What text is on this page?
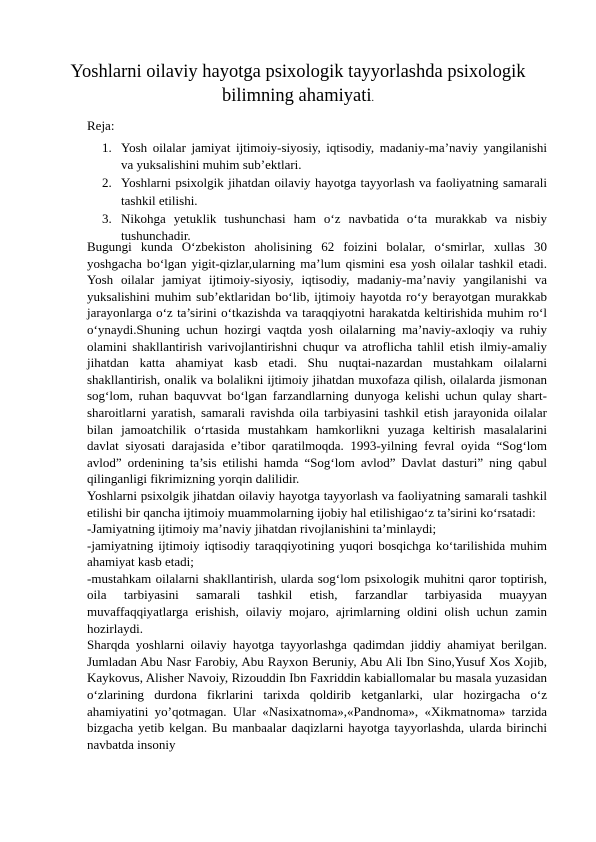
Yoshlarni oilaviy hayotga psixologik tayyorlashda psixologik bilimning ahamiyati.
Reja:
1. Yosh oilalar jamiyat ijtimoiy-siyosiy, iqtisodiy, madaniy-ma’naviy yangilanishi va yuksalishini muhim sub’ektlari.
2. Yoshlarni psixolgik jihatdan oilaviy hayotga tayyorlash va faoliyatning samarali tashkil etilishi.
3. Nikohga yetuklik tushunchasi ham o‘z navbatida o‘ta murakkab va nisbiy tushunchadir.

Bugungi kunda O‘zbekiston aholisining 62 foizini bolalar, o‘smirlar, xullas 30 yoshgacha bo‘lgan yigit-qizlar,ularning ma’lum qismini esa yosh oilalar tashkil etadi. Yosh oilalar jamiyat ijtimoiy-siyosiy, iqtisodiy, madaniy-ma’naviy yangilanishi va yuksalishini muhim sub’ektlaridan bo‘lib, ijtimoiy hayotda ro‘y berayotgan murakkab jarayonlarga o‘z ta’sirini o‘tkazishda va taraqqiyotni harakatda keltirishida muhim ro‘l o‘ynaydi.Shuning uchun hozirgi vaqtda yosh oilalarning ma’naviy-axloqiy va ruhiy olamini shakllantirish varivojlantirishni chuqur va atroflicha tahlil etish ilmiy-amaliy jihatdan katta ahamiyat kasb etadi. Shu nuqtai-nazardan mustahkam oilalarni shakllantirish, onalik va bolalikni ijtimoiy jihatdan muxofaza qilish, oilalarda jismonan sog‘lom, ruhan baquvvat bo‘lgan farzandlarning dunyoga kelishi uchun qulay shart-sharoitlarni yaratish, samarali ravishda oila tarbiyasini tashkil etish jarayonida oilalar bilan jamoatchilik o‘rtasida mustahkam hamkorlikni yuzaga keltirish masalalarini davlat siyosati darajasida e’tibor qaratilmoqda. 1993-yilning fevral oyida “Sog‘lom avlod” ordenining ta’sis etilishi hamda “Sog‘lom avlod” Davlat dasturi” ning qabul qilinganligi fikrimizning yorqin dalilidir.

Yoshlarni psixolgik jihatdan oilaviy hayotga tayyorlash va faoliyatning samarali tashkil etilishi bir qancha ijtimoiy muammolarning ijobiy hal etilishigao‘z ta’sirini ko‘rsatadi:

-Jamiyatning ijtimoiy ma’naviy jihatdan rivojlanishini ta’minlaydi;

-jamiyatning ijtimoiy iqtisodiy taraqqiyotining yuqori bosqichga ko‘tarilishida muhim ahamiyat kasb etadi;

-mustahkam oilalarni shakllantirish, ularda sog‘lom psixologik muhitni qaror toptirish, oila tarbiyasini samarali tashkil etish, farzandlar tarbiyasida muayyan muvaffaqqiyatlarga erishish, oilaviy mojaro, ajrimlarning oldini olish uchun zamin hozirlaydi.

Sharqda yoshlarni oilaviy hayotga tayyorlashga qadimdan jiddiy ahamiyat berilgan. Jumladan Abu Nasr Farobiy, Abu Rayxon Beruniy, Abu Ali Ibn Sino,Yusuf Xos Xojib, Kaykovus, Alisher Navoiy, Rizouddin Ibn Faxriddin kabiallomalar bu masala yuzasidan o‘zlarining durdona fikrlarini tarixda qoldirib ketganlarki, ular hozirgacha o‘z ahamiyatini yo’qotmagan. Ular «Nasixatnoma»,«Pandnoma», «Xikmatnoma» tarzida bizgacha yetib kelgan. Bu manbaalar daqizlarni hayotga tayyorlashda, ularda birinchi navbatda insoniy
